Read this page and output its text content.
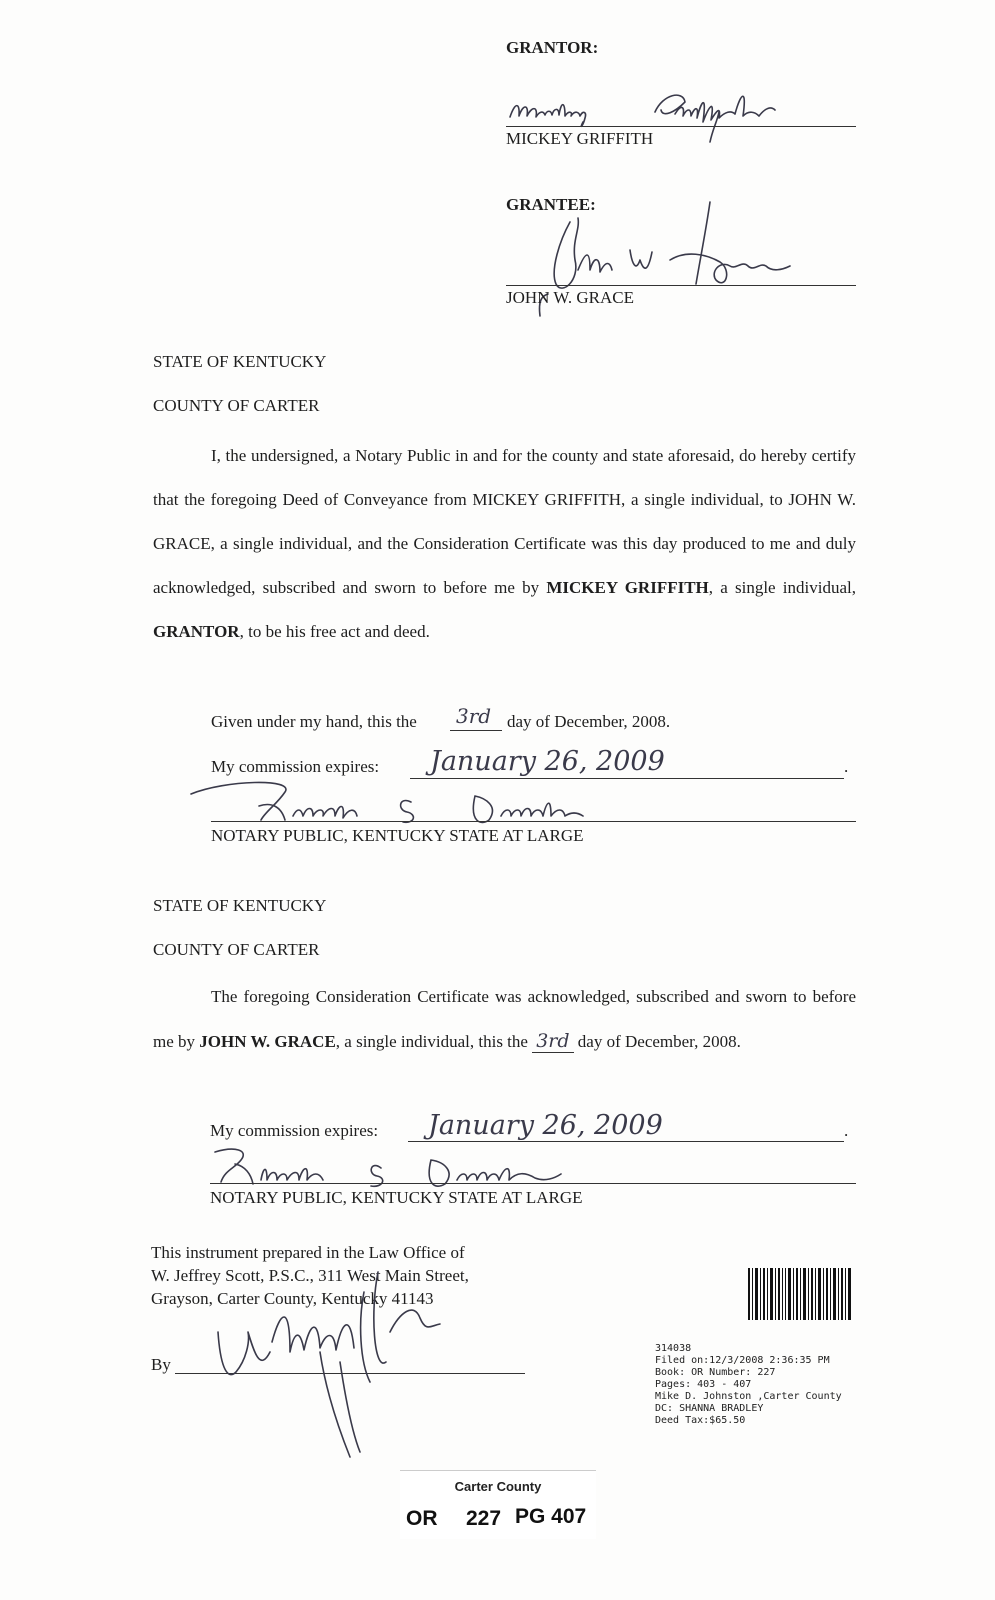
GRANTOR:
MICKEY GRIFFITH
GRANTEE:
JOHN W. GRACE
STATE OF KENTUCKY
COUNTY OF CARTER
I, the undersigned, a Notary Public in and for the county and state aforesaid, do hereby certify that the foregoing Deed of Conveyance from MICKEY GRIFFITH, a single individual, to JOHN W. GRACE, a single individual, and the Consideration Certificate was this day produced to me and duly acknowledged, subscribed and sworn to before me by MICKEY GRIFFITH, a single individual, GRANTOR, to be his free act and deed.
Given under my hand, this the 3rd day of December, 2008.
My commission expires:	.
January 26, 2009
NOTARY PUBLIC, KENTUCKY STATE AT LARGE
STATE OF KENTUCKY
COUNTY OF CARTER
The foregoing Consideration Certificate was acknowledged, subscribed and sworn to before me by JOHN W. GRACE, a single individual, this the 3rd day of December, 2008.
My commission expires:	.
January 26, 2009
NOTARY PUBLIC, KENTUCKY STATE AT LARGE
This instrument prepared in the Law Office of
W. Jeffrey Scott, P.S.C., 311 West Main Street,
Grayson, Carter County, Kentucky 41143
By
314038
Filed on:12/3/2008 2:36:35 PM
Book: OR Number: 227
Pages: 403 - 407
Mike D. Johnston ,Carter County
DC: SHANNA BRADLEY
Deed Tax:$65.50
Carter County
OR 227 PG 407
